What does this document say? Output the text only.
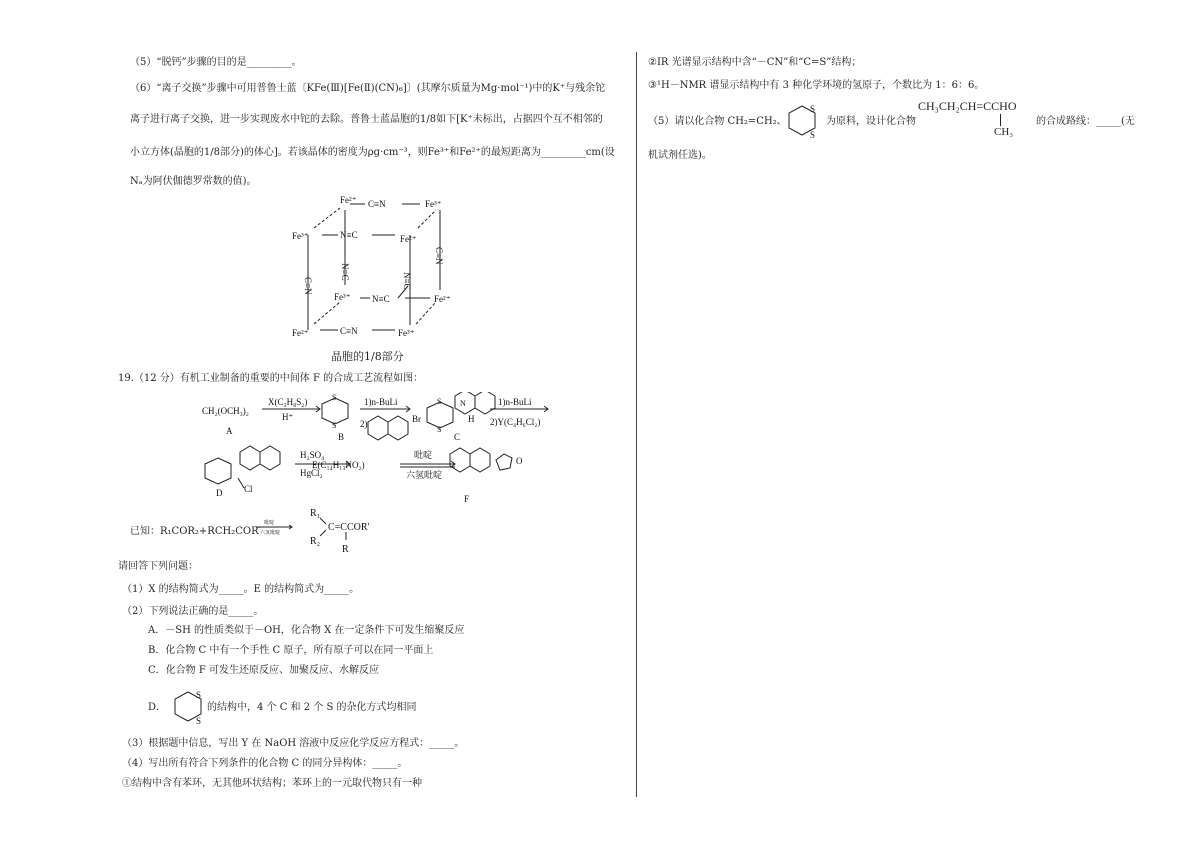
（5）“脱钙”步骤的目的是_________。
（6）“离子交换”步骤中可用普鲁士蓝〔KFe(Ⅲ)[Fe(Ⅱ)(CN)₆]〕(其摩尔质量为Mg·mol⁻¹)中的K⁺与残余铊
离子进行离子交换，进一步实现废水中铊的去除。普鲁士蓝晶胞的1/8如下[K⁺未标出，占据四个互不相邻的
小立方体(晶胞的1/8部分)的体心]。若该晶体的密度为ρg·cm⁻³，则Fe³⁺和Fe²⁺的最短距离为_________cm(设
Nₐ为阿伏伽德罗常数的值)。
Fe²⁺ C≡N	Fe³⁺
Fe³⁺	N≡C	Fe²⁺
Fe³⁺ N≡C	Fe²⁺
Fe²⁺	C≡N	Fe³⁺
C≡N
N≡C
N≡C
C≡N
晶胞的1/8部分
19.（12 分）有机工业制备的重要的中间体 F 的合成工艺流程如图：
CH₂(OCH₃)₂
A
X(C₃H₈S₂)
H⁺
B
1)n-BuLi
2)	Br
C
H
1)n-BuLi
2)Y(C₄H₆Cl₂)
S
S
S
S
N
D Cl
H₂SO₄
HgCl₂
E(C₁₄H₁₃NO₂)
吡啶
六氢吡啶
O
F
已知：R₁COR₂+RCH₂COR′
吡啶
六氢吡啶
R₁
R₂
C=CCOR′
R
请回答下列问题：
（1）X 的结构简式为_____。E 的结构简式为_____。
（2）下列说法正确的是_____。
A．－SH 的性质类似于－OH，化合物 X 在一定条件下可发生缩聚反应
B．化合物 C 中有一个手性 C 原子，所有原子可以在同一平面上
C．化合物 F 可发生还原反应、加聚反应、水解反应
D．
S
S
的结构中，4 个 C 和 2 个 S 的杂化方式均相同
（3）根据题中信息，写出 Y 在 NaOH 溶液中反应化学反应方程式：_____。
（4）写出所有符合下列条件的化合物 C 的同分异构体：_____。
①结构中含有苯环，无其他环状结构；苯环上的一元取代物只有一种
②IR 光谱显示结构中含“－CN”和“C=S”结构；
③¹H－NMR 谱显示结构中有 3 种化学环境的氢原子，个数比为 1：6：6。
（5）请以化合物 CH₂=CH₂、
S
S
为原料，设计化合物
CH₃CH₂CH=CCHO
CH₃
的合成路线：_____(无
机试剂任选)。
